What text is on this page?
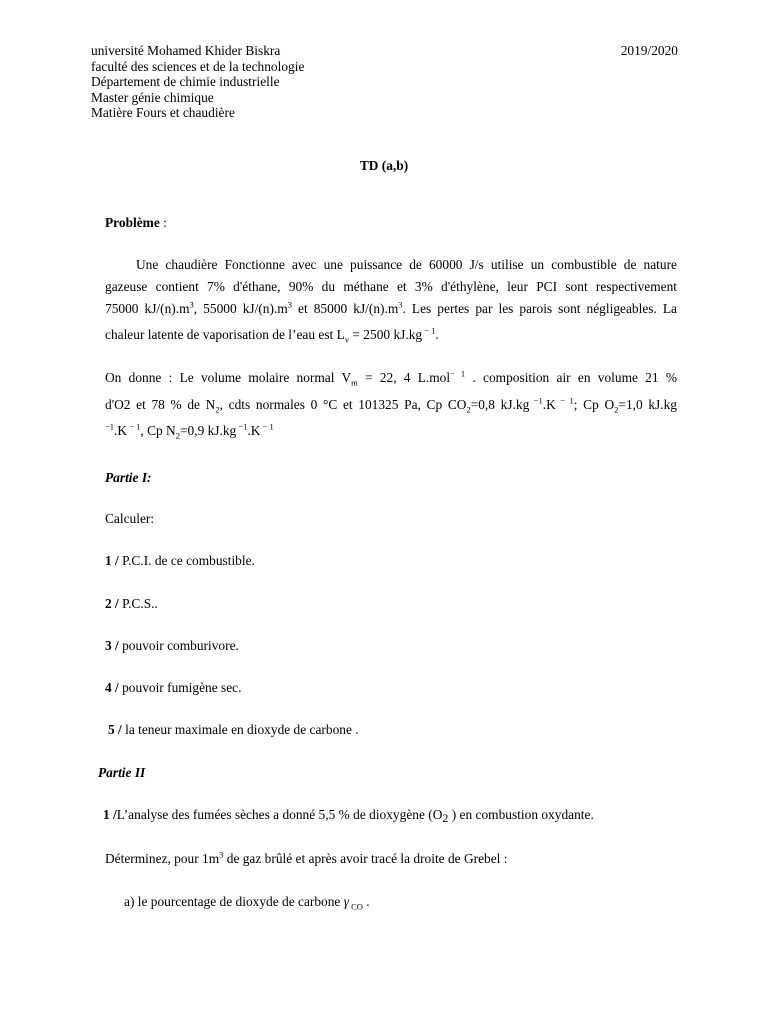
université Mohamed Khider Biskra
faculté des sciences et de la technologie
Département de chimie industrielle
Master génie chimique
Matière Fours et chaudière
2019/2020
TD (a,b)
Problème :
Une chaudière Fonctionne avec une puissance de 60000 J/s utilise un combustible de nature
gazeuse contient 7% d'éthane, 90% du méthane et 3% d'éthylène, leur PCI sont respectivement
75000 $kJ/(n).m^3$, 55000 $kJ/(n).m^3$ et 85000 $kJ/(n).m^3$. Les pertes par les parois sont négligeables. La
chaleur latente de vaporisation de l’eau est $L_v = 2500$ kJ.kg $^{- 1}$.
On donne : Le volume molaire normal $V_m = 22$, 4 L.mol$^{- 1}$ . composition air en volume 21 %
d'O2 et 78 % de $N_2$, cdts normales 0 °C et 101325 Pa, Cp $CO_2=0,8$ kJ.kg $^{-1}$.K $^{- 1}$; Cp $O_2=1,0$ kJ.kg
$^{-1}$.K $^{- 1}$, Cp $N_2=0,9$ kJ.kg $^{-1}$.K $^{- 1}$
Partie I:
Calculer:
1 / P.C.I. de ce combustible.
2 / P.C.S..
3 / pouvoir comburivore.
4 / pouvoir fumigène sec.
5 / la teneur maximale en dioxyde de carbone .
Partie II
1 /L’analyse des fumées sèches a donné 5,5 % de dioxygène (O2 ) en combustion oxydante.
Déterminez, pour $1m^3$ de gaz brûlé et après avoir tracé la droite de Grebel :
a) le pourcentage de dioxyde de carbone γ $_{CO}$ .
